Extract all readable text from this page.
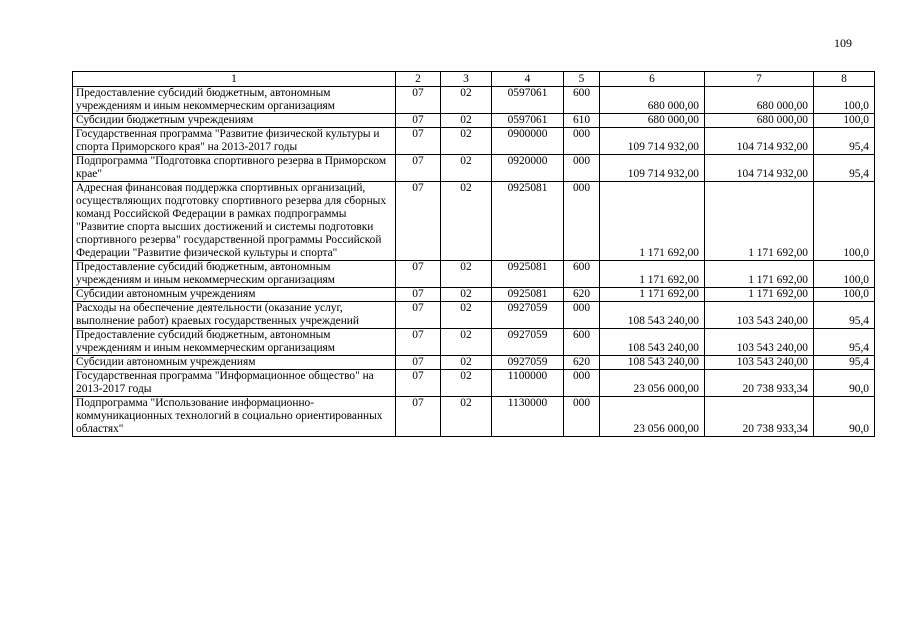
109
1	2	3	4	5	6	7	8
Предоставление субсидий бюджетным, автономным учреждениям и иным некоммерческим организациям	07	02	0597061	600	680 000,00	680 000,00	100,0
Субсидии бюджетным учреждениям	07	02	0597061	610	680 000,00	680 000,00	100,0
Государственная программа "Развитие физической культуры и спорта Приморского края" на 2013-2017 годы	07	02	0900000	000	109 714 932,00	104 714 932,00	95,4
Подпрограмма "Подготовка спортивного резерва в Приморском крае"	07	02	0920000	000	109 714 932,00	104 714 932,00	95,4
Адресная финансовая поддержка спортивных организаций, осуществляющих подготовку спортивного резерва для сборных команд Российской Федерации в рамках подпрограммы "Развитие спорта высших достижений и системы подготовки спортивного резерва" государственной программы Российской Федерации "Развитие физической культуры и спорта"	07	02	0925081	000	1 171 692,00	1 171 692,00	100,0
Предоставление субсидий бюджетным, автономным учреждениям и иным некоммерческим организациям	07	02	0925081	600	1 171 692,00	1 171 692,00	100,0
Субсидии автономным учреждениям	07	02	0925081	620	1 171 692,00	1 171 692,00	100,0
Расходы на обеспечение деятельности (оказание услуг, выполнение работ) краевых государственных учреждений	07	02	0927059	000	108 543 240,00	103 543 240,00	95,4
Предоставление субсидий бюджетным, автономным учреждениям и иным некоммерческим организациям	07	02	0927059	600	108 543 240,00	103 543 240,00	95,4
Субсидии автономным учреждениям	07	02	0927059	620	108 543 240,00	103 543 240,00	95,4
Государственная программа "Информационное общество" на 2013-2017 годы	07	02	1100000	000	23 056 000,00	20 738 933,34	90,0
Подпрограмма "Использование информационно-коммуникационных технологий в социально ориентированных областях"	07	02	1130000	000	23 056 000,00	20 738 933,34	90,0
